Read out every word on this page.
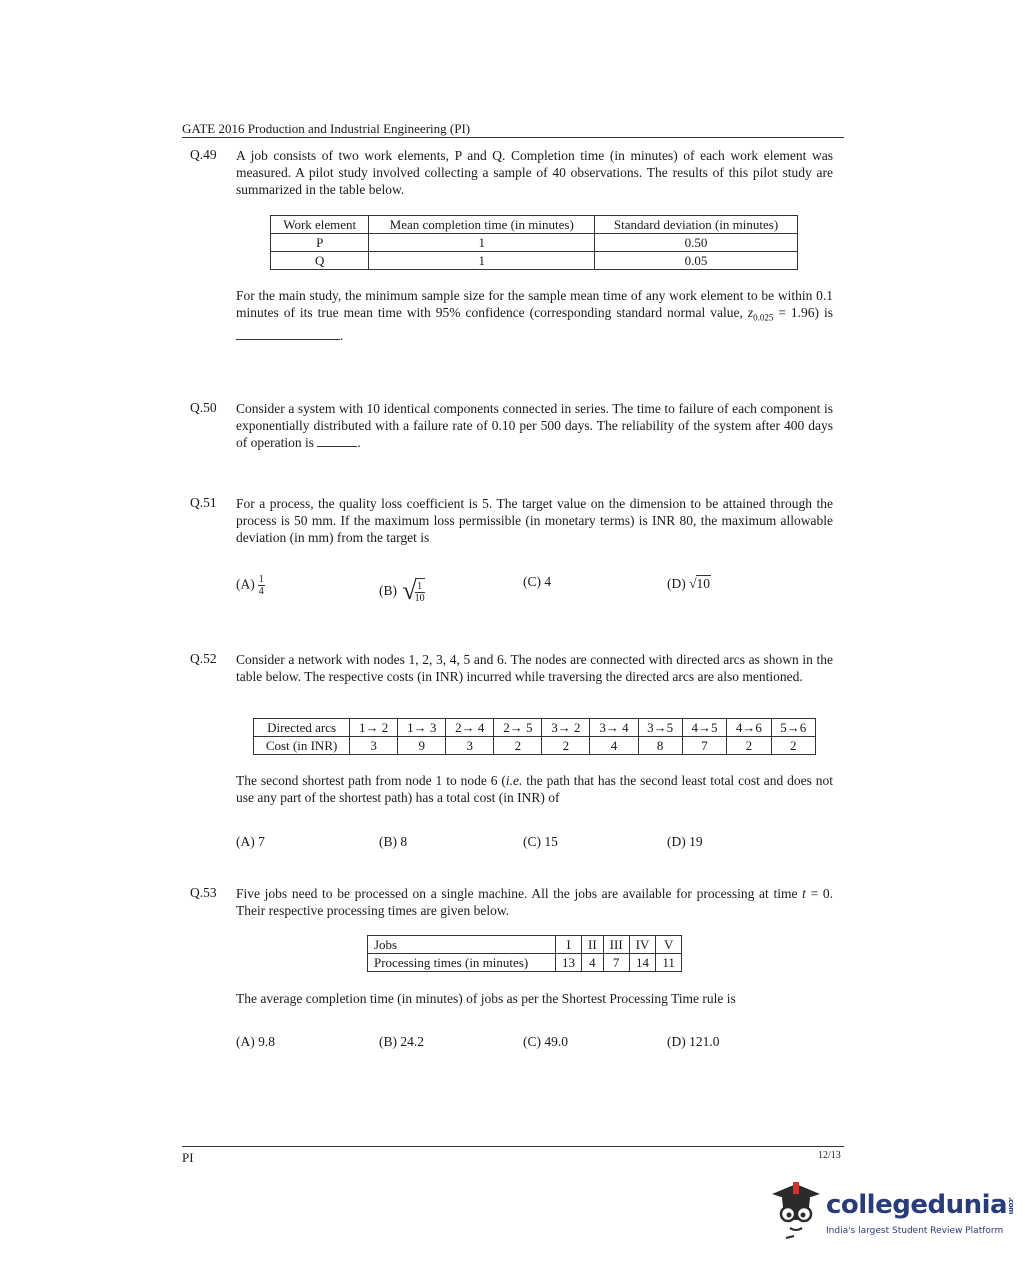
GATE 2016 Production and Industrial Engineering (PI)
Q.49 A job consists of two work elements, P and Q. Completion time (in minutes) of each work element was measured. A pilot study involved collecting a sample of 40 observations. The results of this pilot study are summarized in the table below.
Work element	Mean completion time (in minutes)	Standard deviation (in minutes)
P	1	0.50
Q	1	0.05
For the main study, the minimum sample size for the sample mean time of any work element to be within 0.1 minutes of its true mean time with 95% confidence (corresponding standard normal value, $z_{0.025} = 1.96$) is .
Q.50 Consider a system with 10 identical components connected in series. The time to failure of each component is exponentially distributed with a failure rate of 0.10 per 500 days. The reliability of the system after 400 days of operation is	.
Q.51 For a process, the quality loss coefficient is 5. The target value on the dimension to be attained through the process is 50 mm. If the maximum loss permissible (in monetary terms) is INR 80, the maximum allowable deviation (in mm) from the target is
$(A) \frac{1}{4}$	(B) √
$\frac{1}{10}$	(C) 4	(D) √10
Q.52 Consider a network with nodes 1, 2, 3, 4, 5 and 6. The nodes are connected with directed arcs as shown in the table below. The respective costs (in INR) incurred while traversing the directed arcs are also mentioned.
Directed arcs	1→ 2	1→ 3	2→ 4	2→ 5	3→ 2	3→ 4	3→5	4→5	4→6	5→6
Cost (in INR)	3	9	3	2	2	4	8	7	2	2
The second shortest path from node 1 to node 6 (i.e. the path that has the second least total cost and does not use any part of the shortest path) has a total cost (in INR) of
(A) 7	(B) 8	(C) 15	(D) 19
Q.53 Five jobs need to be processed on a single machine. All the jobs are available for processing at time t = 0. Their respective processing times are given below.
Jobs	I	II	III	IV	V
Processing times (in minutes)	13	4	7	14	11
The average completion time (in minutes) of jobs as per the Shortest Processing Time rule is
(A) 9.8	(B) 24.2	(C) 49.0	(D) 121.0
PI	12/13
collegedunia.com
India's largest Student Review Platform
